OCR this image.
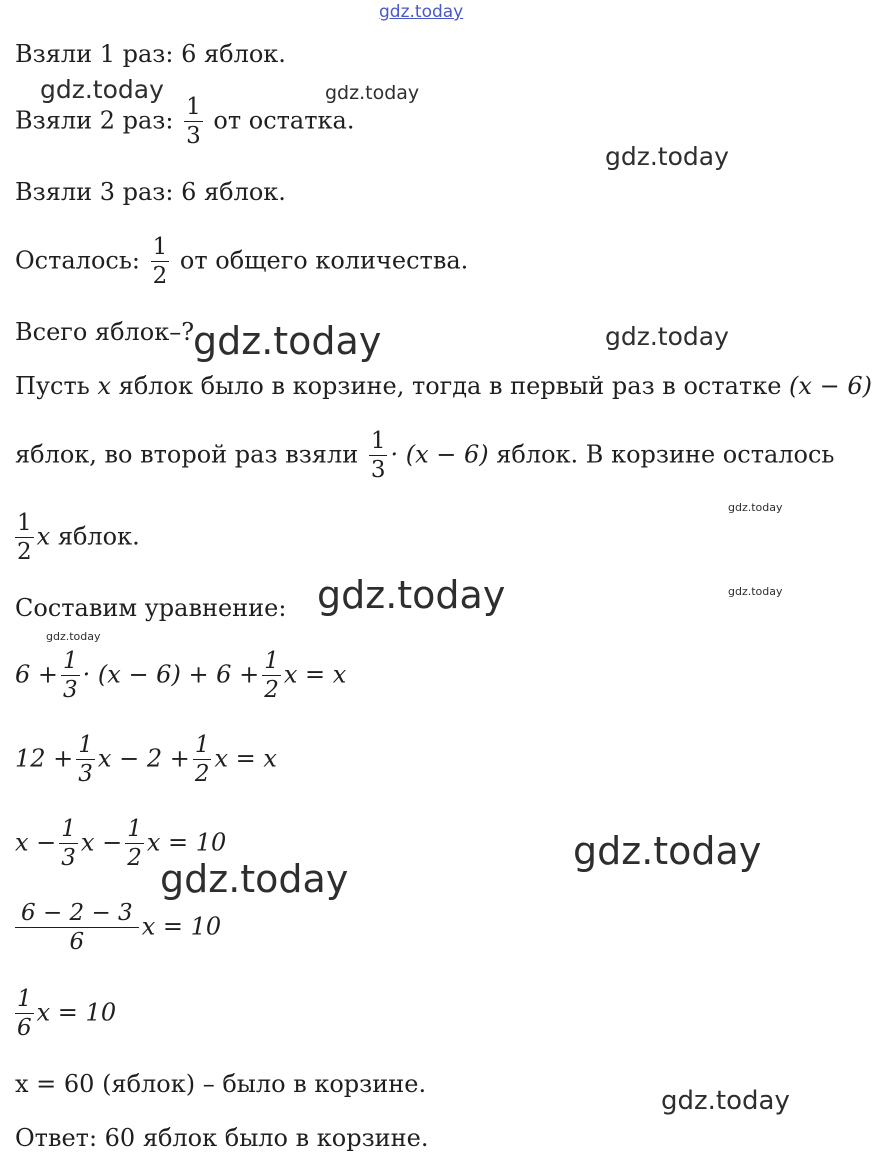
gdz.today
gdz.today	gdz.today
gdz.today
gdz.today	gdz.today
gdz.today
gdz.today	gdz.today
gdz.today
gdz.today
gdz.today
gdz.today
Взяли 1 раз: 6 яблок.
Взяли 2 раз: $\frac{1}{3}$ от остатка.
Взяли 3 раз: 6 яблок.
Осталось: $\frac{1}{2}$ от общего количества.
Всего яблок–?
Пусть x яблок было в корзине, тогда в первый раз в остатке (x − 6)
яблок, во второй раз взяли $\frac{1}{3} \cdot (x - 6)$ яблок. В корзине осталось
$\frac{1}{2}$ x яблок.
Составим уравнение:
$6 + \frac{1}{3} \cdot (x - 6) + 6 + \frac{1}{2}$ x = x
$12 + \frac{1}{3}$ $x - 2 + \frac{1}{2}$ x = x
$x - \frac{1}{3}$ $x - \frac{1}{2}$ x = 10
$\frac{6 - 2 - 3}{6}$ x = 10
$\frac{1}{6}$ x = 10
x = 60 (яблок) – было в корзине.
Ответ: 60 яблок было в корзине.
